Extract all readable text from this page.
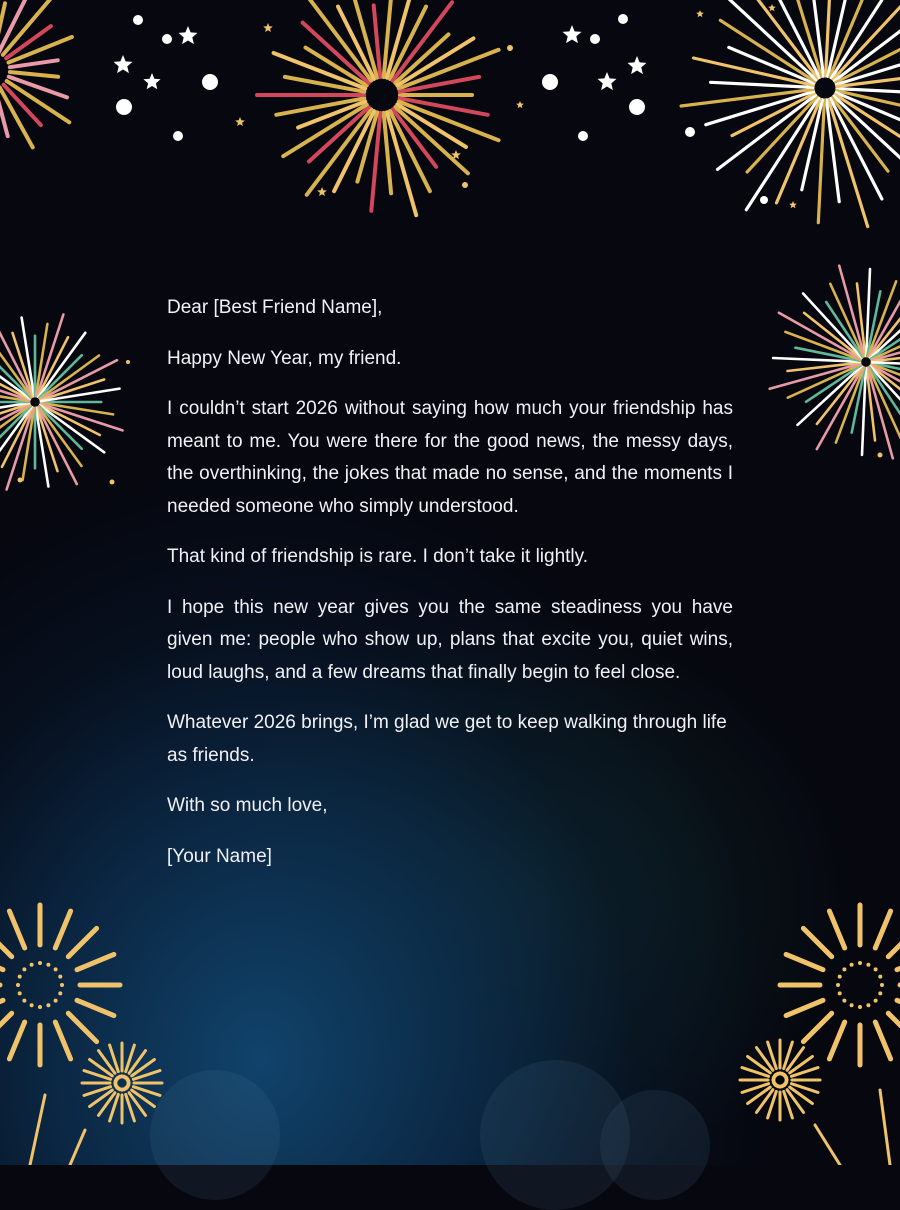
Dear [Best Friend Name],

Happy New Year, my friend.

I couldn’t start 2026 without saying how much your friendship has meant to me. You were there for the good news, the messy days, the overthinking, the jokes that made no sense, and the moments I needed someone who simply understood.

That kind of friendship is rare. I don’t take it lightly.

I hope this new year gives you the same steadiness you have given me: people who show up, plans that excite you, quiet wins, loud laughs, and a few dreams that finally begin to feel close.

Whatever 2026 brings, I’m glad we get to keep walking through life as friends.

With so much love,

[Your Name]
